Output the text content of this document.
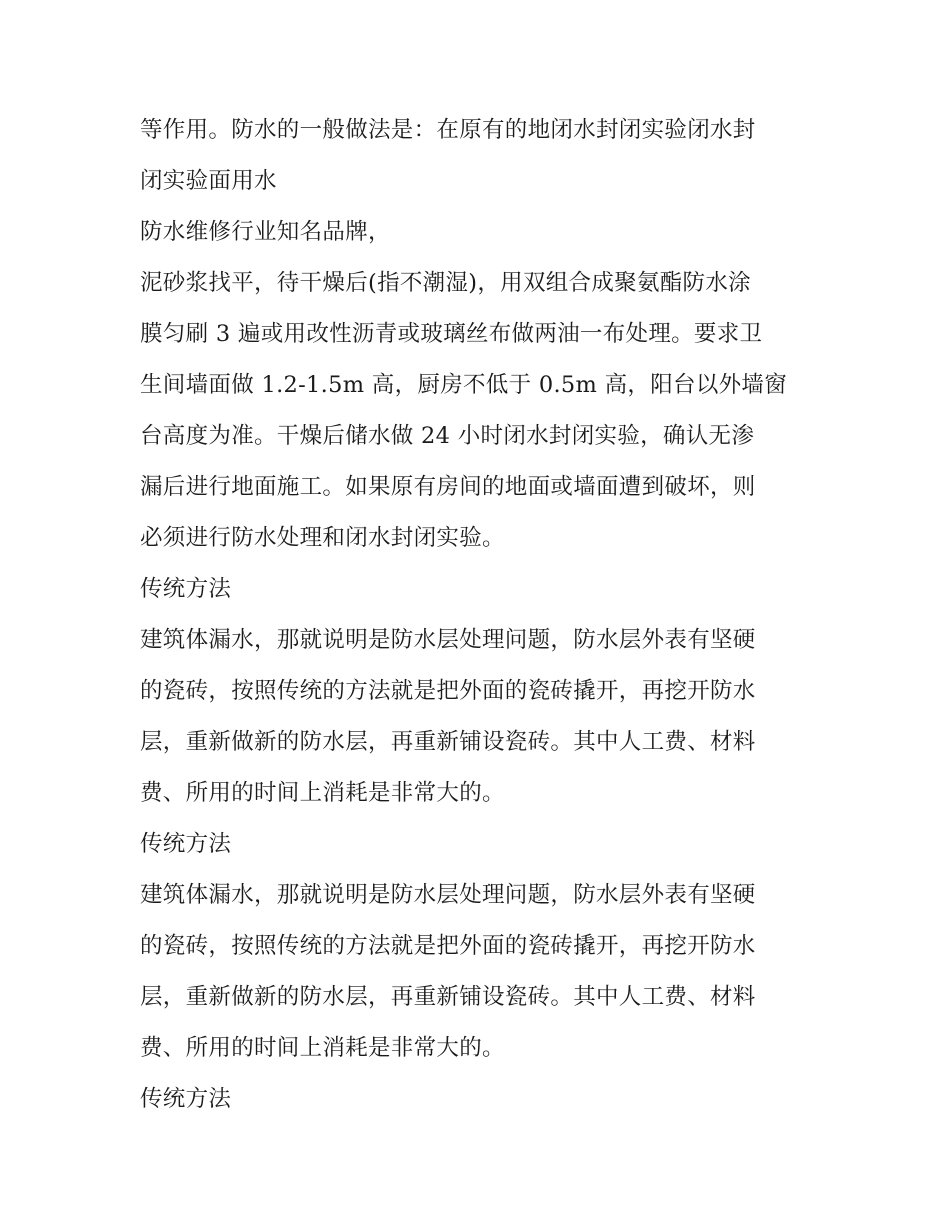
等作用。防水的一般做法是：在原有的地闭水封闭实验闭水封
闭实验面用水
防水维修行业知名品牌，
泥砂浆找平，待干燥后(指不潮湿)，用双组合成聚氨酯防水涂
膜匀刷 3 遍或用改性沥青或玻璃丝布做两油一布处理。要求卫
生间墙面做 1.2-1.5m 高，厨房不低于 0.5m 高，阳台以外墙窗
台高度为准。干燥后储水做 24 小时闭水封闭实验，确认无渗
漏后进行地面施工。如果原有房间的地面或墙面遭到破坏，则
必须进行防水处理和闭水封闭实验。
传统方法
建筑体漏水，那就说明是防水层处理问题，防水层外表有坚硬
的瓷砖，按照传统的方法就是把外面的瓷砖撬开，再挖开防水
层，重新做新的防水层，再重新铺设瓷砖。其中人工费、材料
费、所用的时间上消耗是非常大的。
传统方法
建筑体漏水，那就说明是防水层处理问题，防水层外表有坚硬
的瓷砖，按照传统的方法就是把外面的瓷砖撬开，再挖开防水
层，重新做新的防水层，再重新铺设瓷砖。其中人工费、材料
费、所用的时间上消耗是非常大的。
传统方法
